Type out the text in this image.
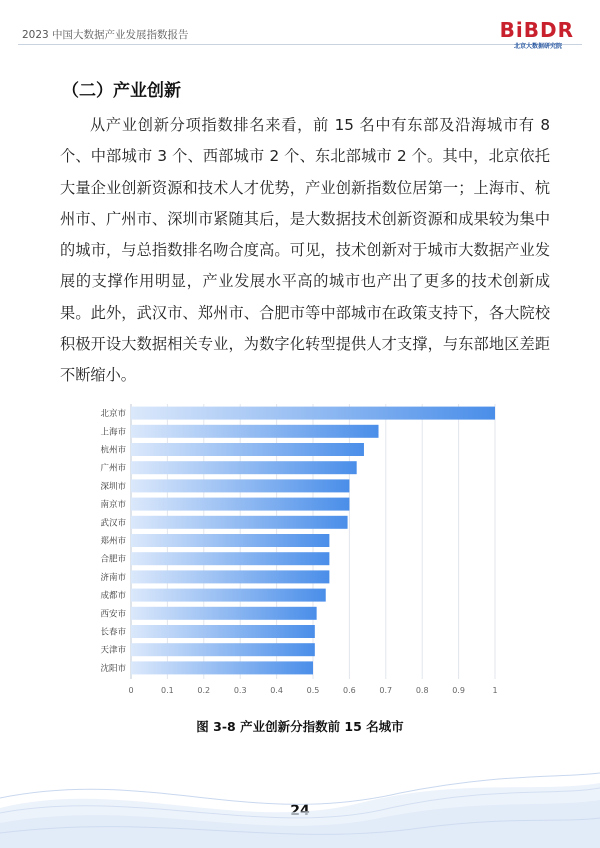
2023 中国大数据产业发展指数报告	BiBDR
北京大数据研究院
（二）产业创新
从产业创新分项指数排名来看，前 15 名中有东部及沿海城市有 8 个、中部城市 3 个、西部城市 2 个、东北部城市 2 个。其中，北京依托大量企业创新资源和技术人才优势，产业创新指数位居第一；上海市、杭州市、广州市、深圳市紧随其后，是大数据技术创新资源和成果较为集中的城市，与总指数排名吻合度高。可见，技术创新对于城市大数据产业发展的支撑作用明显，产业发展水平高的城市也产出了更多的技术创新成果。此外，武汉市、郑州市、合肥市等中部城市在政策支持下，各大院校积极开设大数据相关专业，为数字化转型提供人才支撑，与东部地区差距不断缩小。
北京市
上海市
杭州市
广州市
深圳市
南京市
武汉市
郑州市
合肥市
济南市
成都市
西安市
长春市
天津市
沈阳市
0	0.1	0.2	0.3	0.4	0.5	0.6	0.7	0.8	0.9	1
图 3-8 产业创新分指数前 15 名城市
24
